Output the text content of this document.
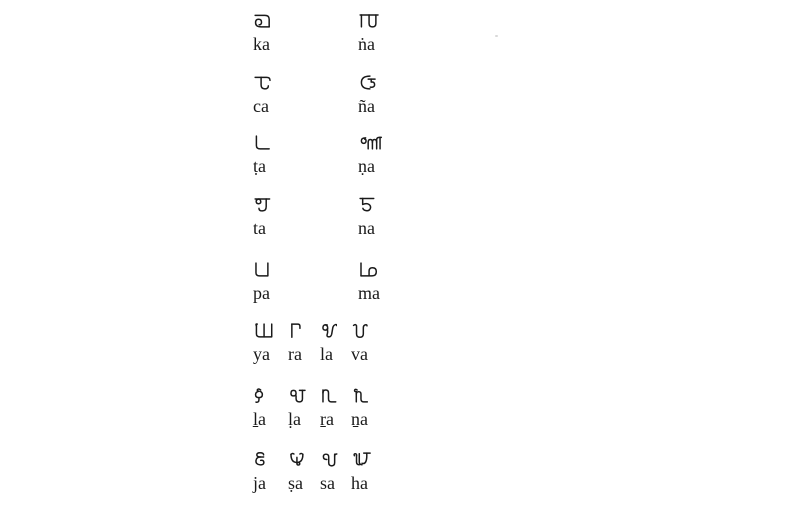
ka	ṅa
ca	ña
ṭa	ṇa
ta	na
pa	ma
ya ra la va
ḻa ḷa ṟa ṉa
ja ṣa sa ha
